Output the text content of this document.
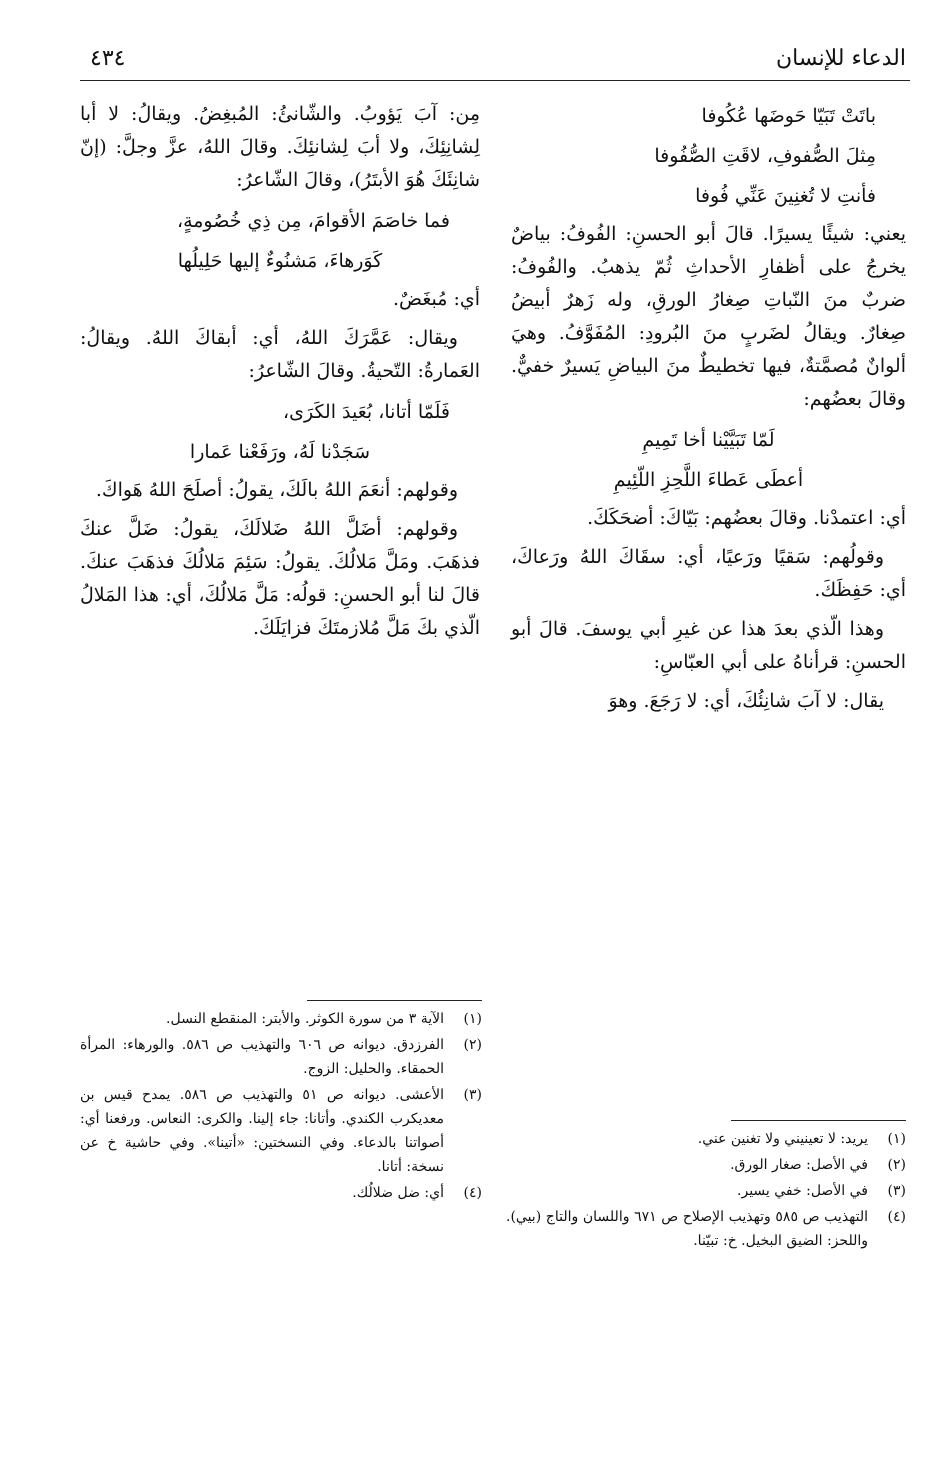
الدعاء للإنسان
٤٣٤
باتَتْ تَبَيّا حَوضَها عُكُوفا
مِثلَ الصُّفوفِ، لاقَتِ الصُّفُوفا
فأنتِ لا تُغنِينَ عَنِّي فُوفا

يعني: شيئًا يسيرًا. قالَ أبو الحسنِ: الفُوفُ: بياضٌ يخرجُ على أظفارِ الأحداثِ ثُمّ يذهبُ. والفُوفُ: ضربٌ منَ النّباتِ صِغارُ الورقِ، وله زَهرٌ أبيضُ صِغارٌ. ويقالُ لضَربٍ منَ البُرودِ: المُفَوَّفُ. وهيَ ألوانٌ مُصمَّتةٌ، فيها تخطيطٌ منَ البياضِ يَسيرٌ خفيٌّ. وقالَ بعضُهم:

لَمّا تَبَيَّيْنا أخا تَمِيمِ
أعطَى عَطاءَ اللَّحِزِ اللّئِيمِ

أي: اعتمدْنا. وقالَ بعضُهم: بَيّاكَ: أضحَكَكَ.

وقولُهم: سَقيًا ورَعيًا، أي: سقَاكَ اللهُ ورَعاكَ، أي: حَفِظَكَ.

وهذا الّذي بعدَ هذا عن غيرِ أبي يوسفَ. قالَ أبو الحسنِ: قرأناهُ على أبي العبّاسِ:

يقال: لا آبَ شانِئُكَ، أي: لا رَجَعَ. وهوَ

مِن: آبَ يَؤوبُ. والشّانئُ: المُبغِضُ. ويقالُ: لا أبا لِشانِئِكَ، ولا أبَ لِشانئِكَ. وقالَ اللهُ، عزَّ وجلَّ: (إنّ شانِئَكَ هُوَ الأبتَرُ)، وقالَ الشّاعرُ:

فما خاصَمَ الأقوامَ، مِن ذِي خُصُومةٍ،
كَوَرهاءَ، مَشنُوءٌ إليها حَلِيلُها

أي: مُبغَضٌ.

ويقال: عَمَّرَكَ اللهُ، أي: أبقاكَ اللهُ. ويقالُ: العَمارةُ: التّحيةُ. وقالَ الشّاعرُ:

فَلَمّا أتانا، بُعَيدَ الكَرَى،
سَجَدْنا لَهُ، ورَفَعْنا عَمارا

وقولهم: أنعَمَ اللهُ بالَكَ، يقولُ: أصلَحَ اللهُ هَواكَ.

وقولهم: أضَلَّ اللهُ ضَلالَكَ، يقولُ: ضَلَّ عنكَ فذهَبَ. ومَلَّ مَلالُكَ. يقولُ: سَئِمَ مَلالُكَ فذهَبَ عنكَ. قالَ لنا أبو الحسنِ: قولُه: مَلَّ مَلالُكَ، أي: هذا المَلالُ الّذي بكَ مَلَّ مُلازمتَكَ فزايَلَكَ.

(١)
الآية ٣ من سورة الكوثر. والأبتر: المنقطع النسل.
(٢)
الفرزدق. ديوانه ص ٦٠٦ والتهذيب ص ٥٨٦. والورهاء: المرأة الحمقاء. والحليل: الزوج.
(٣)
الأعشى. ديوانه ص ٥١ والتهذيب ص ٥٨٦. يمدح قيس بن معديكرب الكندي. وأتانا: جاء إلينا. والكرى: النعاس. ورفعنا أي: أصواتنا بالدعاء. وفي النسختين: «أتينا». وفي حاشية خ عن نسخة: أتانا.
(٤)
أي: ضل ضلالُك.
(١)
يريد: لا تعينيني ولا تغنين عني.
(٢)
في الأصل: صغار الورق.
(٣)
في الأصل: خفي يسير.
(٤)
التهذيب ص ٥٨٥ وتهذيب الإصلاح ص ٦٧١ واللسان والتاج (بيي). واللحز: الضيق البخيل. خ: تبيّنا.
